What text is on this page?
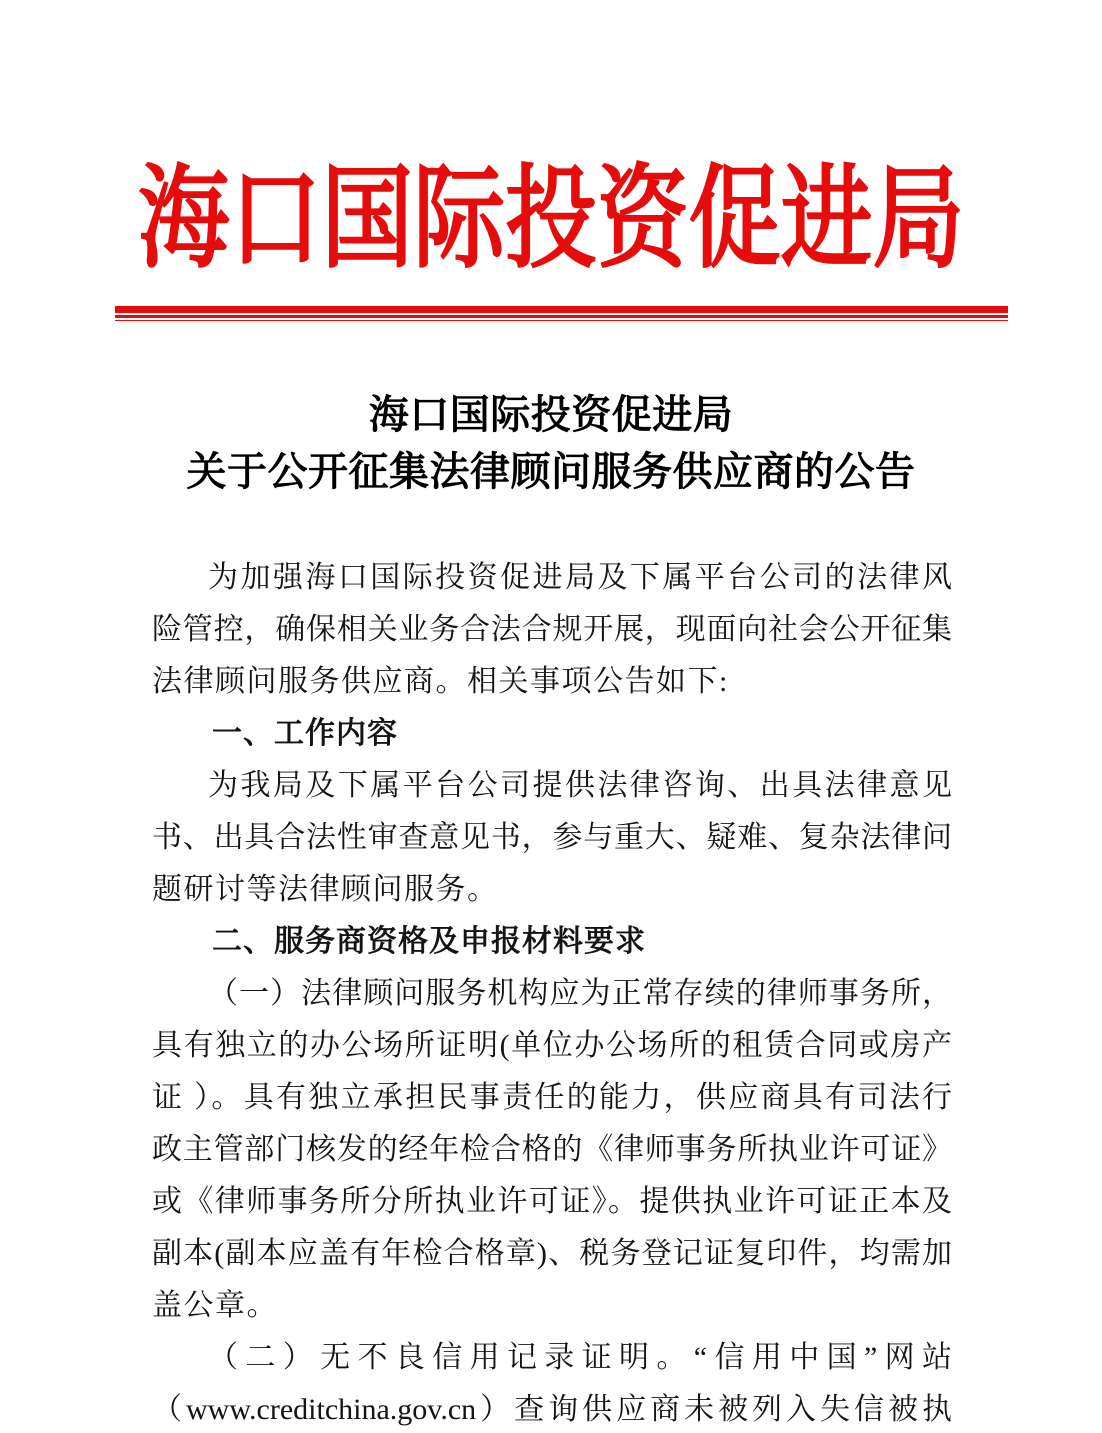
海口国际投资促进局
海口国际投资促进局
关于公开征集法律顾问服务供应商的公告
为加强海口国际投资促进局及下属平台公司的法律风
险管控，确保相关业务合法合规开展，现面向社会公开征集
法律顾问服务供应商。相关事项公告如下:
一、工作内容
为我局及下属平台公司提供法律咨询、出具法律意见
书、出具合法性审查意见书，参与重大、疑难、复杂法律问
题研讨等法律顾问服务。
二、服务商资格及申报材料要求
（一）法律顾问服务机构应为正常存续的律师事务所，
具有独立的办公场所证明(单位办公场所的租赁合同或房产
证 ）。具有独立承担民事责任的能力，供应商具有司法行
政主管部门核发的经年检合格的《律师事务所执业许可证》
或《律师事务所分所执业许可证》。提供执业许可证正本及
副本(副本应盖有年检合格章)、税务登记证复印件，均需加
盖公章。
（二）无不良信用记录证明。“信用中国”网站
（www.creditchina.gov.cn）查询供应商未被列入失信被执
